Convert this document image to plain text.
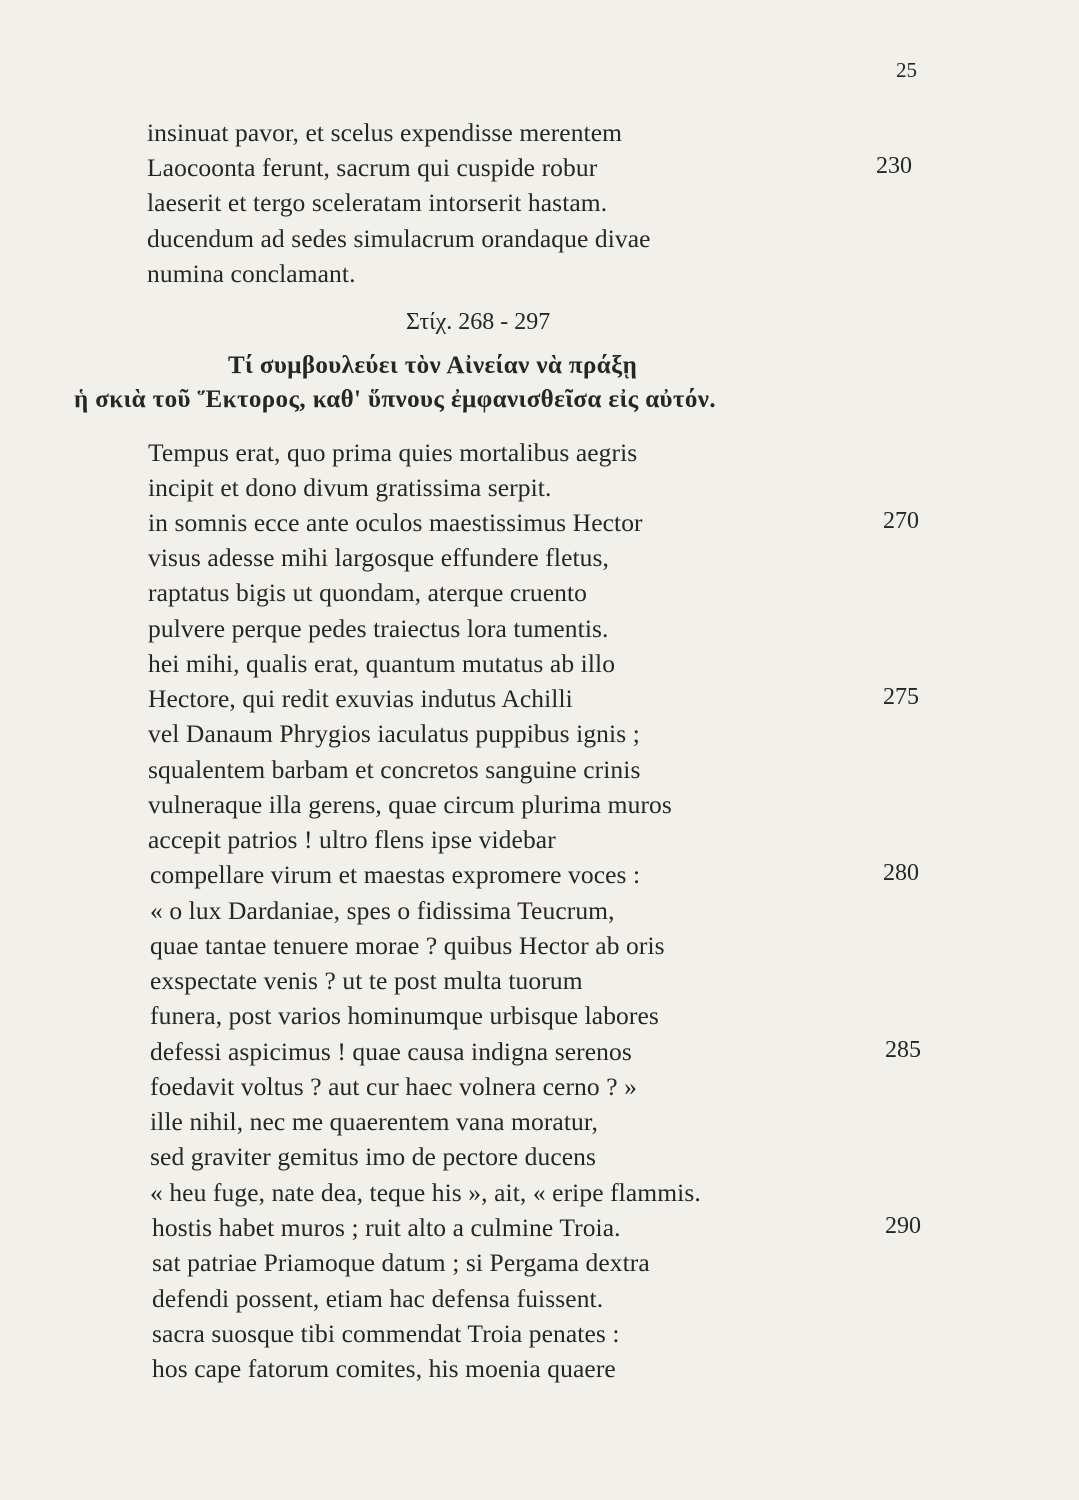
25
insinuat pavor, et scelus expendisse merentem
Laocoonta ferunt, sacrum qui cuspide robur
laeserit et tergo sceleratam intorserit hastam.
ducendum ad sedes simulacrum orandaque divae
numina conclamant.
230
Στίχ. 268 - 297
Τί συμβουλεύει τὸν Αἰνείαν νὰ πράξῃ
ἡ σκιὰ τοῦ Ἕκτορος, καθ' ὕπνους ἐμφανισθεῖσα εἰς αὐτόν.
Tempus erat, quo prima quies mortalibus aegris
incipit et dono divum gratissima serpit.
in somnis ecce ante oculos maestissimus Hector
visus adesse mihi largosque effundere fletus,
raptatus bigis ut quondam, aterque cruento
pulvere perque pedes traiectus lora tumentis.
hei mihi, qualis erat, quantum mutatus ab illo
Hectore, qui redit exuvias indutus Achilli
vel Danaum Phrygios iaculatus puppibus ignis ;
squalentem barbam et concretos sanguine crinis
vulneraque illa gerens, quae circum plurima muros
accepit patrios ! ultro flens ipse videbar
compellare virum et maestas expromere voces :
« o lux Dardaniae, spes o fidissima Teucrum,
quae tantae tenuere morae ? quibus Hector ab oris
exspectate venis ? ut te post multa tuorum
funera, post varios hominumque urbisque labores
defessi aspicimus ! quae causa indigna serenos
foedavit voltus ? aut cur haec volnera cerno ? »
ille nihil, nec me quaerentem vana moratur,
sed graviter gemitus imo de pectore ducens
« heu fuge, nate dea, teque his », ait, « eripe flammis.
hostis habet muros ; ruit alto a culmine Troia.
sat patriae Priamoque datum ; si Pergama dextra
defendi possent, etiam hac defensa fuissent.
sacra suosque tibi commendat Troia penates :
hos cape fatorum comites, his moenia quaere
270
275
280
285
290
